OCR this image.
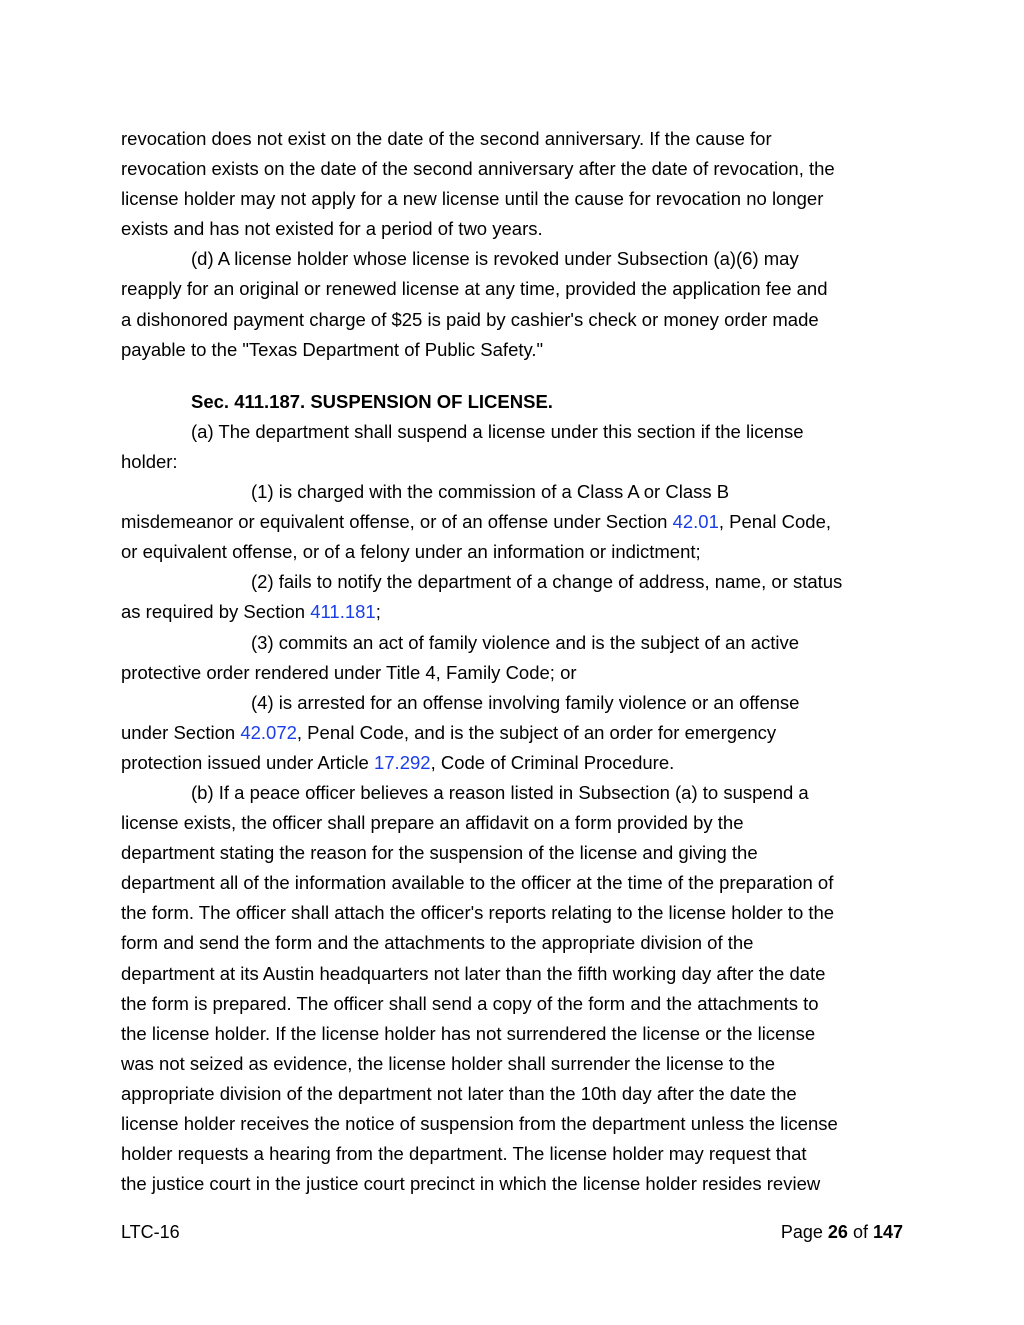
revocation does not exist on the date of the second anniversary. If the cause for
revocation exists on the date of the second anniversary after the date of revocation, the
license holder may not apply for a new license until the cause for revocation no longer
exists and has not existed for a period of two years.
(d) A license holder whose license is revoked under Subsection (a)(6) may
reapply for an original or renewed license at any time, provided the application fee and
a dishonored payment charge of $25 is paid by cashier's check or money order made
payable to the "Texas Department of Public Safety."
Sec. 411.187. SUSPENSION OF LICENSE.
(a) The department shall suspend a license under this section if the license
holder:
(1) is charged with the commission of a Class A or Class B
misdemeanor or equivalent offense, or of an offense under Section 42.01, Penal Code,
or equivalent offense, or of a felony under an information or indictment;
(2) fails to notify the department of a change of address, name, or status
as required by Section 411.181;
(3) commits an act of family violence and is the subject of an active
protective order rendered under Title 4, Family Code; or
(4) is arrested for an offense involving family violence or an offense
under Section 42.072, Penal Code, and is the subject of an order for emergency
protection issued under Article 17.292, Code of Criminal Procedure.
(b) If a peace officer believes a reason listed in Subsection (a) to suspend a
license exists, the officer shall prepare an affidavit on a form provided by the
department stating the reason for the suspension of the license and giving the
department all of the information available to the officer at the time of the preparation of
the form. The officer shall attach the officer's reports relating to the license holder to the
form and send the form and the attachments to the appropriate division of the
department at its Austin headquarters not later than the fifth working day after the date
the form is prepared. The officer shall send a copy of the form and the attachments to
the license holder. If the license holder has not surrendered the license or the license
was not seized as evidence, the license holder shall surrender the license to the
appropriate division of the department not later than the 10th day after the date the
license holder receives the notice of suspension from the department unless the license
holder requests a hearing from the department. The license holder may request that
the justice court in the justice court precinct in which the license holder resides review
LTC-16	Page 26 of 147
